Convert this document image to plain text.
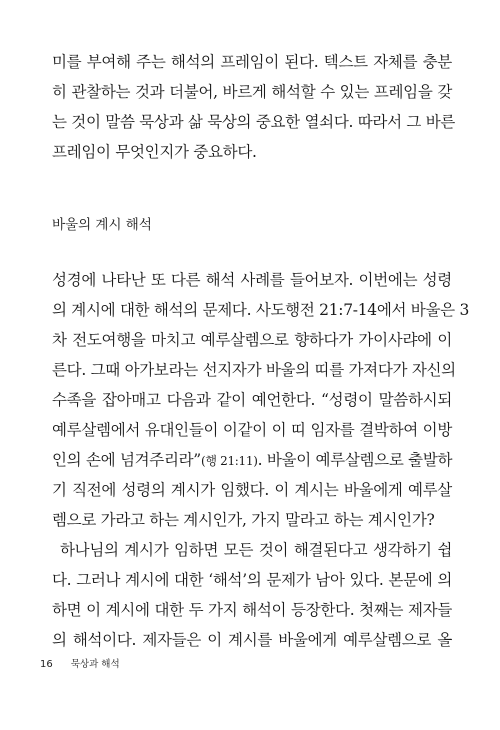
미를 부여해 주는 해석의 프레임이 된다. 텍스트 자체를 충분
히 관찰하는 것과 더불어, 바르게 해석할 수 있는 프레임을 갖
는 것이 말씀 묵상과 삶 묵상의 중요한 열쇠다. 따라서 그 바른
프레임이 무엇인지가 중요하다.
바울의 계시 해석
성경에 나타난 또 다른 해석 사례를 들어보자. 이번에는 성령
의 계시에 대한 해석의 문제다. 사도행전 21:7-14에서 바울은 3
차 전도여행을 마치고 예루살렘으로 향하다가 가이사랴에 이
른다. 그때 아가보라는 선지자가 바울의 띠를 가져다가 자신의
수족을 잡아매고 다음과 같이 예언한다. “성령이 말씀하시되
예루살렘에서 유대인들이 이같이 이 띠 임자를 결박하여 이방
인의 손에 넘겨주리라”(행 21:11). 바울이 예루살렘으로 출발하
기 직전에 성령의 계시가 임했다. 이 계시는 바울에게 예루살
렘으로 가라고 하는 계시인가, 가지 말라고 하는 계시인가?
하나님의 계시가 임하면 모든 것이 해결된다고 생각하기 쉽
다. 그러나 계시에 대한 ‘해석’의 문제가 남아 있다. 본문에 의
하면 이 계시에 대한 두 가지 해석이 등장한다. 첫째는 제자들
의 해석이다. 제자들은 이 계시를 바울에게 예루살렘으로 올
16 묵상과 해석
